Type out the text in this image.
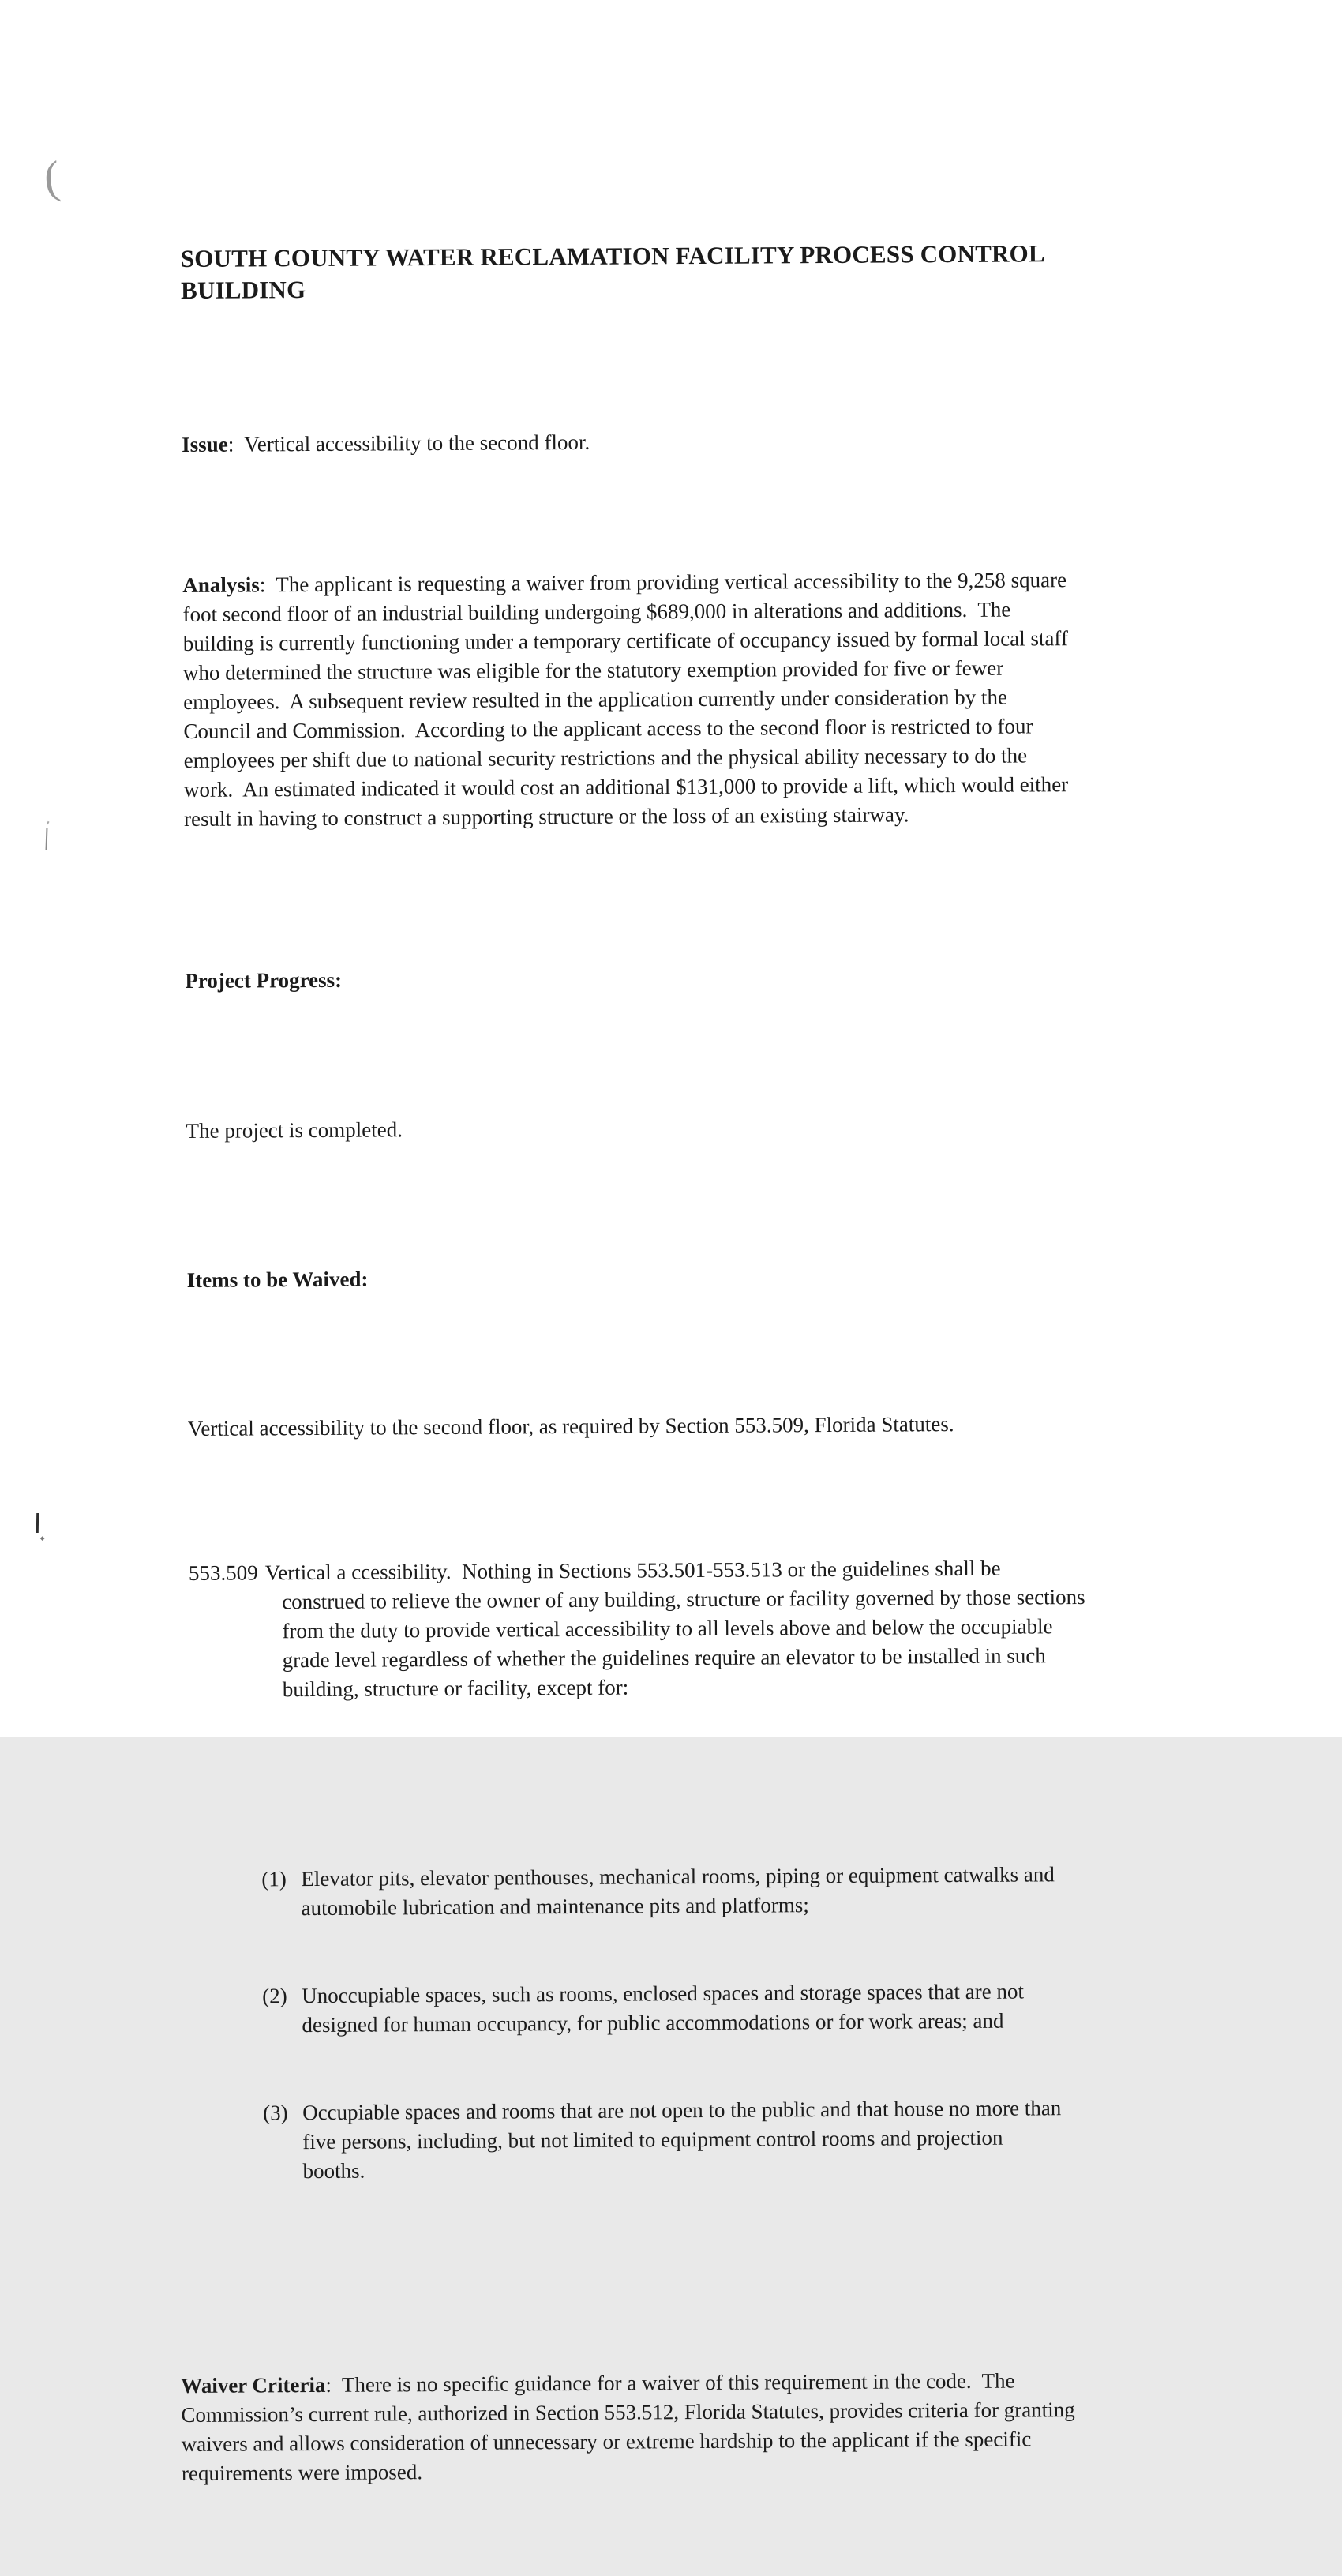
(

SOUTH COUNTY WATER RECLAMATION FACILITY PROCESS CONTROL BUILDING

Issue:  Vertical accessibility to the second floor.

Analysis:  The applicant is requesting a waiver from providing vertical accessibility to the 9,258 square foot second floor of an industrial building undergoing $689,000 in alterations and additions.  The building is currently functioning under a temporary certificate of occupancy issued by formal local staff who determined the structure was eligible for the statutory exemption provided for five or fewer employees.  A subsequent review resulted in the application currently under consideration by the Council and Commission.  According to the applicant access to the second floor is restricted to four employees per shift due to national security restrictions and the physical ability necessary to do the work.  An estimated indicated it would cost an additional $131,000 to provide a lift, which would either result in having to construct a supporting structure or the loss of an existing stairway.

Project Progress:

The project is completed.

Items to be Waived:

Vertical accessibility to the second floor, as required by Section 553.509, Florida Statutes.

553.509 Vertical a ccessibility.  Nothing in Sections 553.501-553.513 or the guidelines shall be construed to relieve the owner of any building, structure or facility governed by those sections from the duty to provide vertical accessibility to all levels above and below the occupiable grade level regardless of whether the guidelines require an elevator to be installed in such building, structure or facility, except for:

(1) Elevator pits, elevator penthouses, mechanical rooms, piping or equipment catwalks and automobile lubrication and maintenance pits and platforms;

(2) Unoccupiable spaces, such as rooms, enclosed spaces and storage spaces that are not designed for human occupancy, for public accommodations or for work areas; and

(3) Occupiable spaces and rooms that are not open to the public and that house no more than five persons, including, but not limited to equipment control rooms and projection booths.

Waiver Criteria:  There is no specific guidance for a waiver of this requirement in the code.  The Commission’s current rule, authorized in Section 553.512, Florida Statutes, provides criteria for granting waivers and allows consideration of unnecessary or extreme hardship to the applicant if the specific requirements were imposed.
